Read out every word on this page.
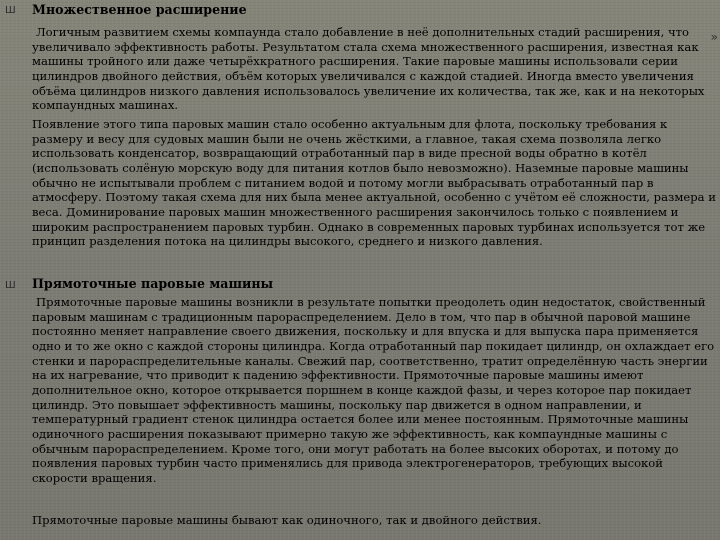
»
Ш Множественное расширение

Логичным развитием схемы компаунда стало добавление в неё дополнительных стадий расширения, что увеличивало эффективность работы. Результатом стала схема множественного расширения, известная как машины тройного или даже четырёхкратного расширения. Такие паровые машины использовали серии цилиндров двойного действия, объём которых увеличивался с каждой стадией. Иногда вместо увеличения объёма цилиндров низкого давления использовалось увеличение их количества, так же, как и на некоторых компаундных машинах.

Появление этого типа паровых машин стало особенно актуальным для флота, поскольку требования к размеру и весу для судовых машин были не очень жёсткими, а главное, такая схема позволяла легко использовать конденсатор, возвращающий отработанный пар в виде пресной воды обратно в котёл (использовать солёную морскую воду для питания котлов было невозможно). Наземные паровые машины обычно не испытывали проблем с питанием водой и потому могли выбрасывать отработанный пар в атмосферу. Поэтому такая схема для них была менее актуальной, особенно с учётом её сложности, размера и веса. Доминирование паровых машин множественного расширения закончилось только с появлением и широким распространением паровых турбин. Однако в современных паровых турбинах используется тот же принцип разделения потока на цилиндры высокого, среднего и низкого давления.

Ш Прямоточные паровые машины

Прямоточные паровые машины возникли в результате попытки преодолеть один недостаток, свойственный паровым машинам с традиционным парораспределением. Дело в том, что пар в обычной паровой машине постоянно меняет направление своего движения, поскольку и для впуска и для выпуска пара применяется одно и то же окно с каждой стороны цилиндра. Когда отработанный пар покидает цилиндр, он охлаждает его стенки и парораспределительные каналы. Свежий пар, соответственно, тратит определённую часть энергии на их нагревание, что приводит к падению эффективности. Прямоточные паровые машины имеют дополнительное окно, которое открывается поршнем в конце каждой фазы, и через которое пар покидает цилиндр. Это повышает эффективность машины, поскольку пар движется в одном направлении, и температурный градиент стенок цилиндра остается более или менее постоянным. Прямоточные машины одиночного расширения показывают примерно такую же эффективность, как компаундные машины с обычным парораспределением. Кроме того, они могут работать на более высоких оборотах, и потому до появления паровых турбин часто применялись для привода электрогенераторов, требующих высокой скорости вращения.

Прямоточные паровые машины бывают как одиночного, так и двойного действия.
